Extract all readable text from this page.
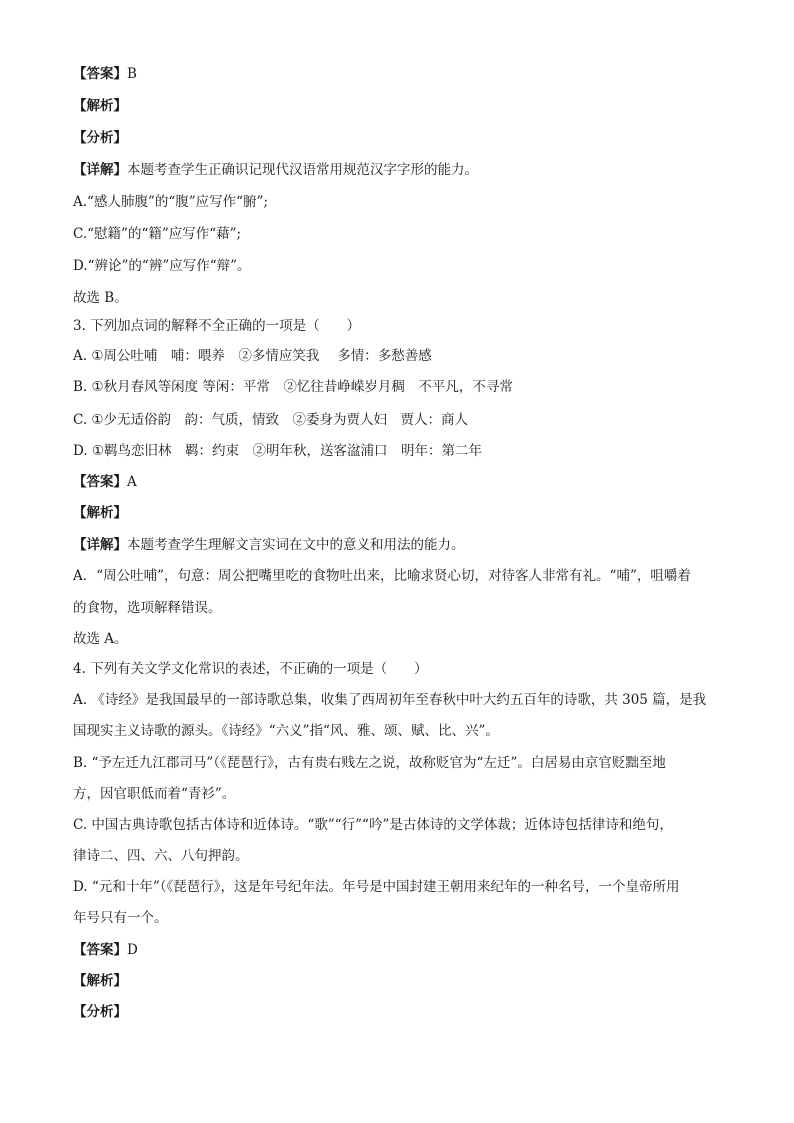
【答案】B
【解析】
【分析】
【详解】本题考查学生正确识记现代汉语常用规范汉字字形的能力。
A.“感人肺腹”的“腹”应写作“腑”;
C.“慰籍”的“籍”应写作“藉”;
D.“辨论”的“辨”应写作“辩”。
故选 B。
3. 下列加点词的解释不全正确的一项是（　　）
A. ①周公吐哺　哺：喂养　②多情应笑我　 多情：多愁善感
B. ①秋月春风等闲度 等闲：平常　②忆往昔峥嵘岁月稠　不平凡，不寻常
C. ①少无适俗韵　韵：气质，情致　②委身为贾人妇　贾人：商人
D. ①羁鸟恋旧林　羁：约束　②明年秋，送客湓浦口　明年：第二年
【答案】A
【解析】
【详解】本题考查学生理解文言实词在文中的意义和用法的能力。
A．“周公吐哺”，句意：周公把嘴里吃的食物吐出来，比喻求贤心切，对待客人非常有礼。“哺”，咀嚼着
的食物，选项解释错误。
故选 A。
4. 下列有关文学文化常识的表述，不正确的一项是（　　）
A. 《诗经》是我国最早的一部诗歌总集，收集了西周初年至春秋中叶大约五百年的诗歌，共 305 篇，是我
国现实主义诗歌的源头。《诗经》“六义”指“风、雅、颂、赋、比、兴”。
B. “予左迁九江郡司马”（《琵琶行》，古有贵右贱左之说，故称贬官为“左迁”。白居易由京官贬黜至地
方，因官职低而着“青衫”。
C. 中国古典诗歌包括古体诗和近体诗。“歌”“行”“吟”是古体诗的文学体裁；近体诗包括律诗和绝句，
律诗二、四、六、八句押韵。
D. “元和十年”（《琵琶行》，这是年号纪年法。年号是中国封建王朝用来纪年的一种名号，一个皇帝所用
年号只有一个。
【答案】D
【解析】
【分析】
